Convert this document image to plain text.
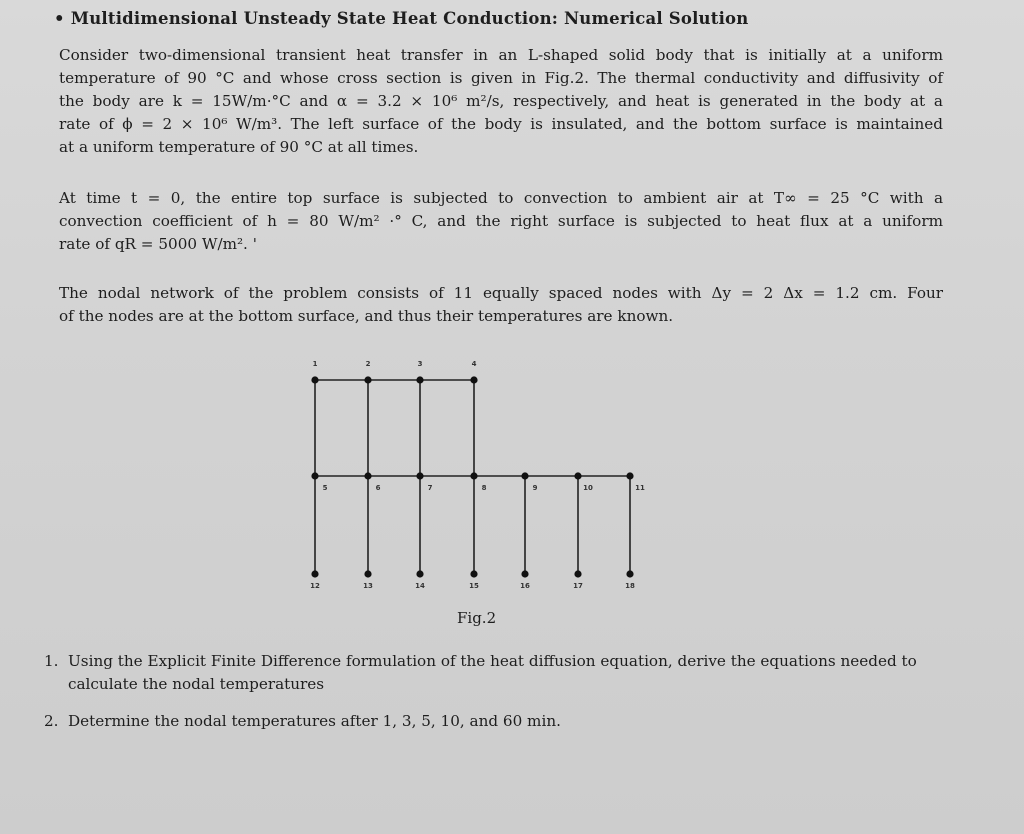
• Multidimensional Unsteady State Heat Conduction: Numerical Solution

Consider two-dimensional transient heat transfer in an L-shaped solid body that is initially at a uniform
temperature of 90 °C and whose cross section is given in Fig.2. The thermal conductivity and diffusivity of
the body are k = 15W/m·°C and α = 3.2 × 10⁶ m²/s, respectively, and heat is generated in the body at a
rate of ϕ = 2 × 10⁶ W/m³. The left surface of the body is insulated, and the bottom surface is maintained
at a uniform temperature of 90 °C at all times.

At time t = 0, the entire top surface is subjected to convection to ambient air at T∞ = 25 °C with a
convection coefficient of h = 80 W/m² ·° C, and the right surface is subjected to heat flux at a uniform
rate of qR = 5000 W/m². '

The nodal network of the problem consists of 11 equally spaced nodes with Δy = 2 Δx = 1.2 cm. Four
of the nodes are at the bottom surface, and thus their temperatures are known.

1	2	3	4
5	6	7	8	9	10	11
12	13	14	15	16	17	18
Fig.2
1. Using the Explicit Finite Difference formulation of the heat diffusion equation, derive the equations needed to calculate the nodal temperatures
2. Determine the nodal temperatures after 1, 3, 5, 10, and 60 min.
